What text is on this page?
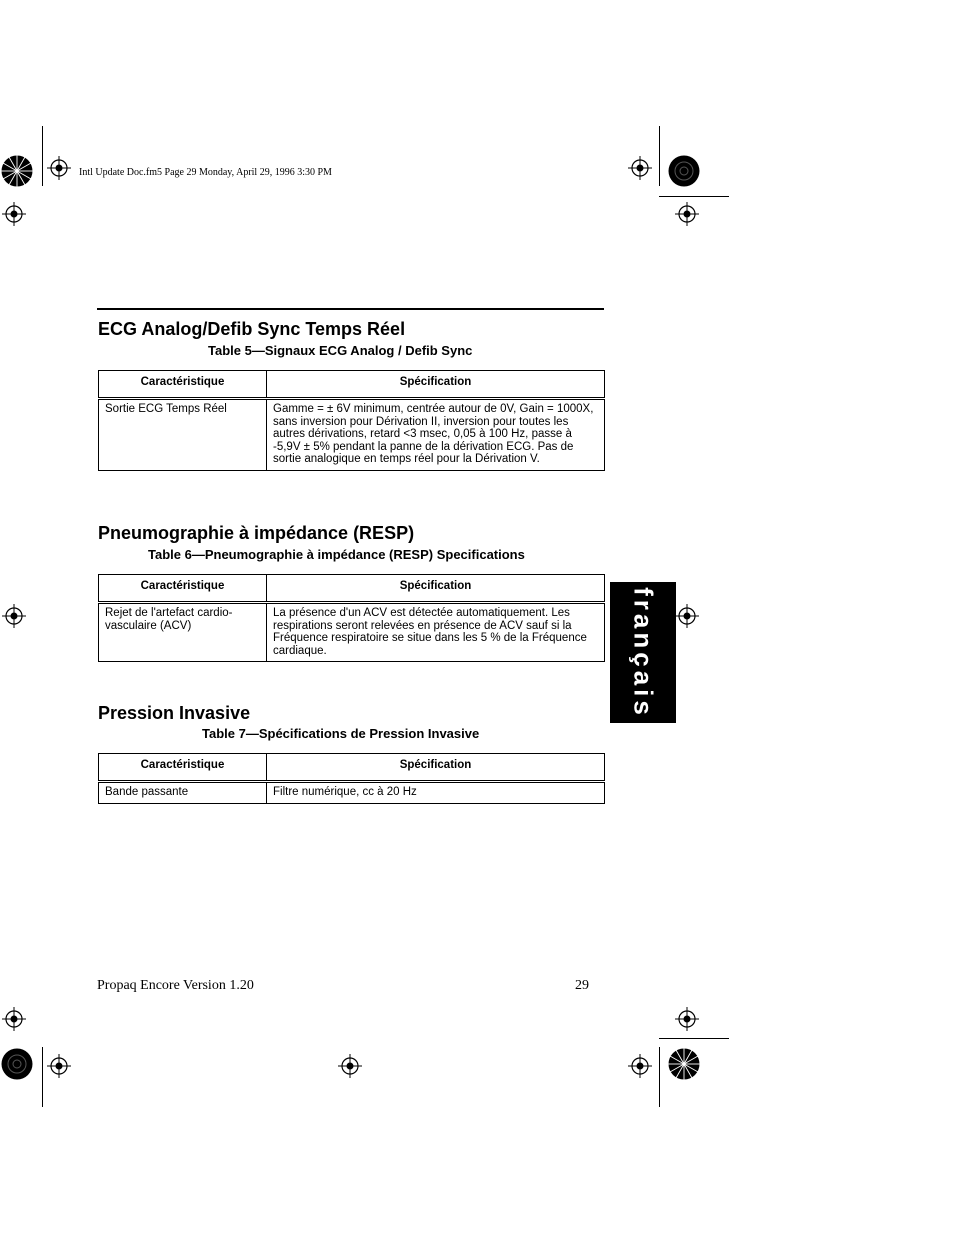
Intl Update Doc.fm5 Page 29 Monday, April 29, 1996 3:30 PM
ECG Analog/Defib Sync Temps Réel
Table 5—Signaux ECG Analog / Defib Sync
Caractéristique	Spécification
Sortie ECG Temps Réel	Gamme = ± 6V minimum, centrée autour de 0V, Gain = 1000X, sans inversion pour Dérivation II, inversion pour toutes les autres dérivations, retard <3 msec, 0,05 à 100 Hz, passe à -5,9V ± 5% pendant la panne de la dérivation ECG. Pas de sortie analogique en temps réel pour la Dérivation V.
Pneumographie à impédance (RESP)
Table 6—Pneumographie à impédance (RESP) Specifications
Caractéristique	Spécification
Rejet de l'artefact cardio-vasculaire (ACV)	La présence d'un ACV est détectée automatiquement. Les respirations seront relevées en présence de ACV sauf si la Fréquence respiratoire se situe dans les 5 % de la Fréquence cardiaque.
Pression Invasive
Table 7—Spécifications de Pression Invasive
Caractéristique	Spécification
Bande passante	Filtre numérique, cc à 20 Hz
français
Propaq Encore Version 1.20	29
